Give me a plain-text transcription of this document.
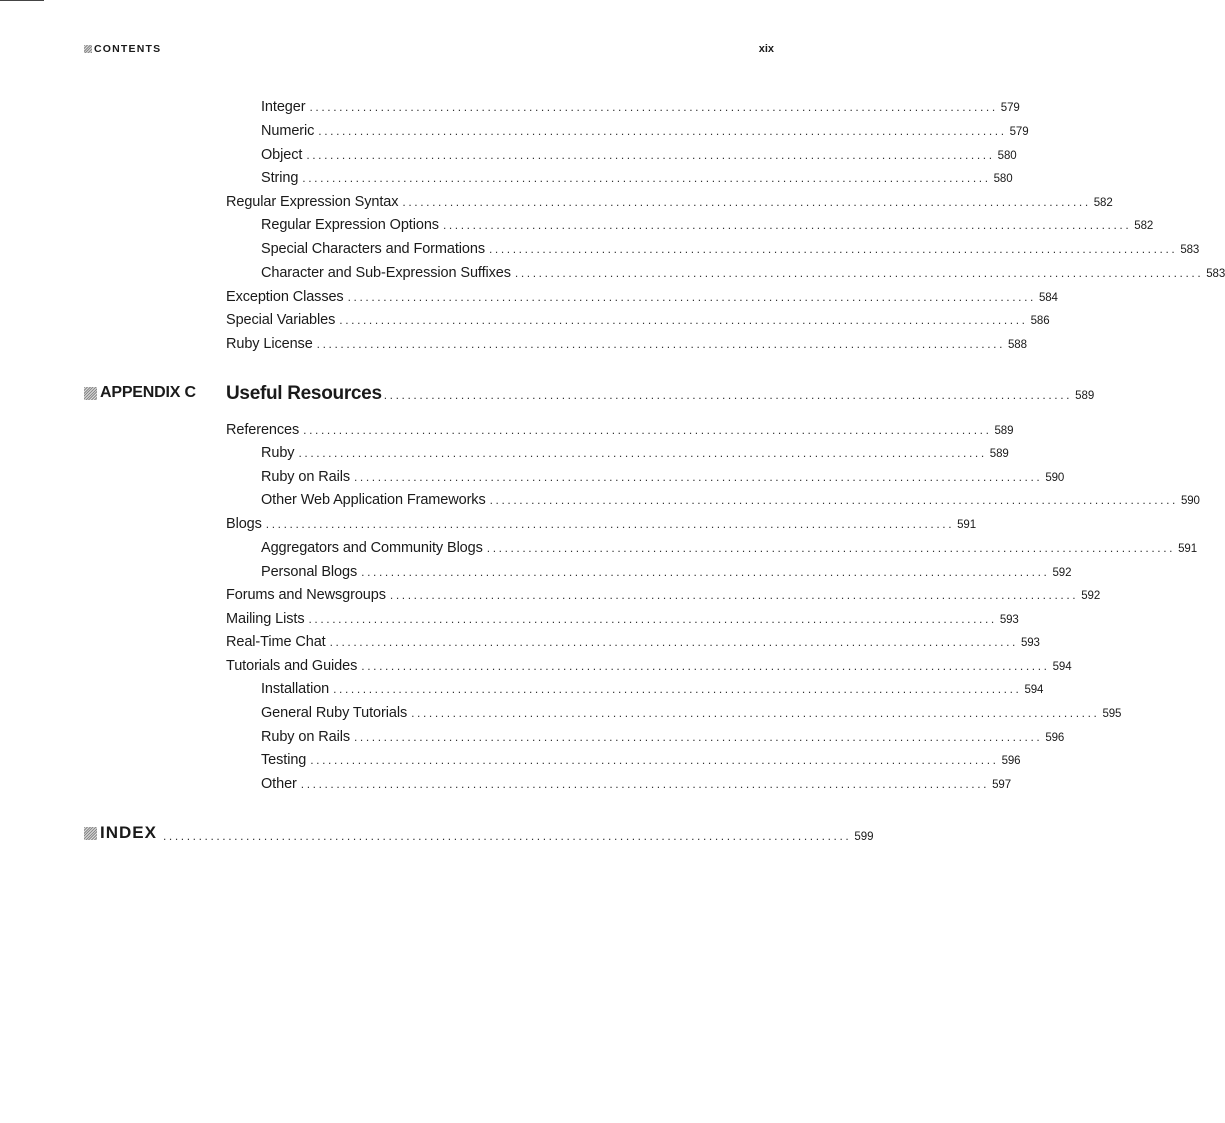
CONTENTS	xix
Integer .................................................................................................................... 579
Numeric .................................................................................................................... 579
Object .................................................................................................................... 580
String .................................................................................................................... 580
Regular Expression Syntax .................................................................................................................... 582
Regular Expression Options .................................................................................................................... 582
Special Characters and Formations .................................................................................................................... 583
Character and Sub-Expression Suffixes .................................................................................................................... 583
Exception Classes .................................................................................................................... 584
Special Variables .................................................................................................................... 586
Ruby License .................................................................................................................... 588
APPENDIX C Useful Resources .................................................................................................................... 589
References .................................................................................................................... 589
Ruby .................................................................................................................... 589
Ruby on Rails .................................................................................................................... 590
Other Web Application Frameworks .................................................................................................................... 590
Blogs .................................................................................................................... 591
Aggregators and Community Blogs .................................................................................................................... 591
Personal Blogs .................................................................................................................... 592
Forums and Newsgroups .................................................................................................................... 592
Mailing Lists .................................................................................................................... 593
Real-Time Chat .................................................................................................................... 593
Tutorials and Guides .................................................................................................................... 594
Installation .................................................................................................................... 594
General Ruby Tutorials .................................................................................................................... 595
Ruby on Rails .................................................................................................................... 596
Testing .................................................................................................................... 596
Other .................................................................................................................... 597
INDEX .................................................................................................................... 599
